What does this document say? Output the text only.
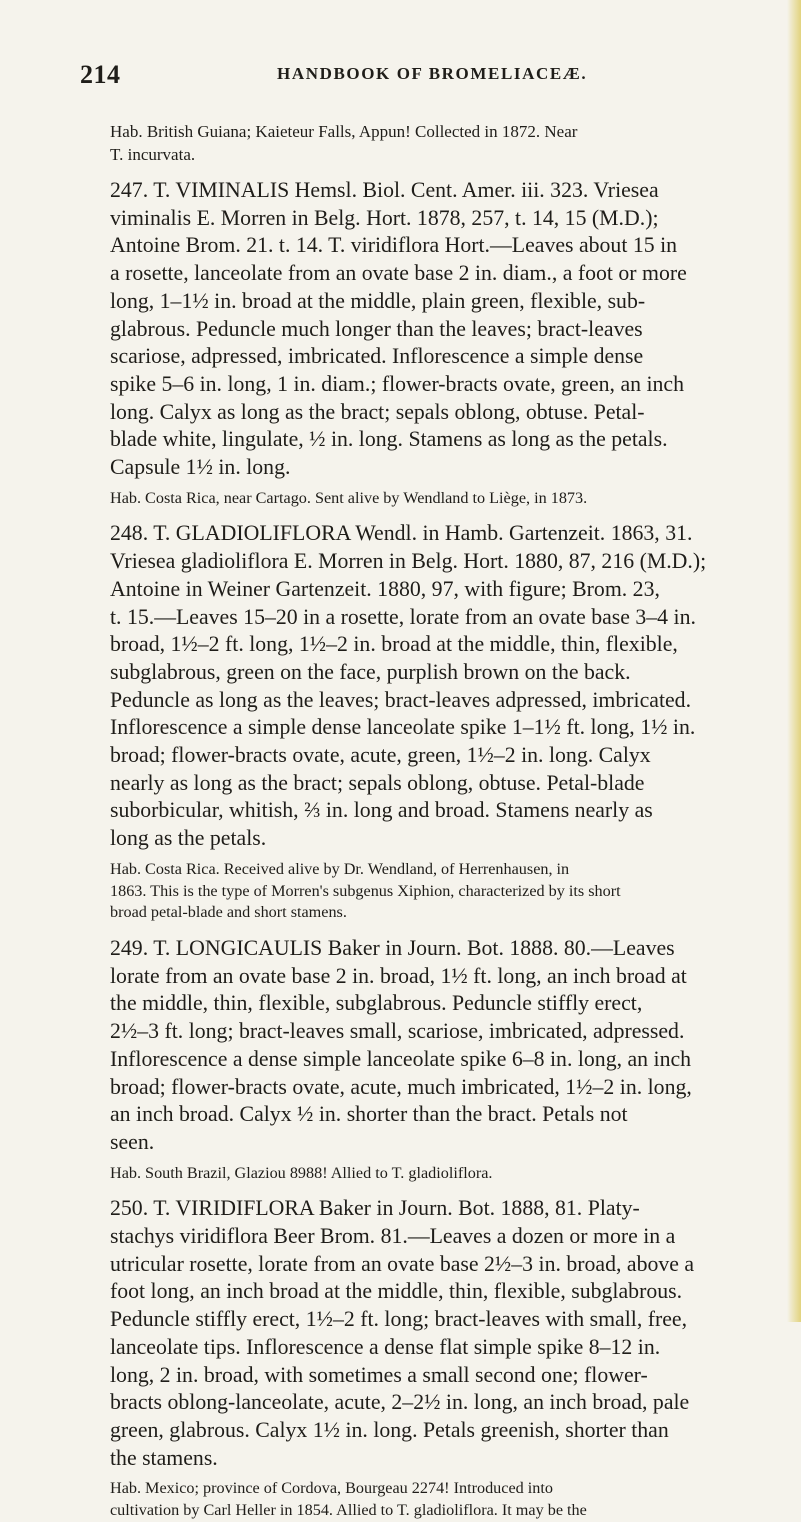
214	HANDBOOK OF BROMELIACEÆ.
Hab. British Guiana; Kaieteur Falls, Appun! Collected in 1872. Near
T. incurvata.
247. T. VIMINALIS Hemsl. Biol. Cent. Amer. iii. 323. Vriesea
viminalis E. Morren in Belg. Hort. 1878, 257, t. 14, 15 (M.D.);
Antoine Brom. 21. t. 14. T. viridiflora Hort.—Leaves about 15 in
a rosette, lanceolate from an ovate base 2 in. diam., a foot or more
long, 1–1½ in. broad at the middle, plain green, flexible, sub-
glabrous. Peduncle much longer than the leaves; bract-leaves
scariose, adpressed, imbricated. Inflorescence a simple dense
spike 5–6 in. long, 1 in. diam.; flower-bracts ovate, green, an inch
long. Calyx as long as the bract; sepals oblong, obtuse. Petal-
blade white, lingulate, ½ in. long. Stamens as long as the petals.
Capsule 1½ in. long.
Hab. Costa Rica, near Cartago. Sent alive by Wendland to Liège, in 1873.
248. T. GLADIOLIFLORA Wendl. in Hamb. Gartenzeit. 1863, 31.
Vriesea gladioliflora E. Morren in Belg. Hort. 1880, 87, 216 (M.D.);
Antoine in Weiner Gartenzeit. 1880, 97, with figure; Brom. 23,
t. 15.—Leaves 15–20 in a rosette, lorate from an ovate base 3–4 in.
broad, 1½–2 ft. long, 1½–2 in. broad at the middle, thin, flexible,
subglabrous, green on the face, purplish brown on the back.
Peduncle as long as the leaves; bract-leaves adpressed, imbricated.
Inflorescence a simple dense lanceolate spike 1–1½ ft. long, 1½ in.
broad; flower-bracts ovate, acute, green, 1½–2 in. long. Calyx
nearly as long as the bract; sepals oblong, obtuse. Petal-blade
suborbicular, whitish, ⅔ in. long and broad. Stamens nearly as
long as the petals.
Hab. Costa Rica. Received alive by Dr. Wendland, of Herrenhausen, in
1863. This is the type of Morren's subgenus Xiphion, characterized by its short
broad petal-blade and short stamens.
249. T. LONGICAULIS Baker in Journ. Bot. 1888. 80.—Leaves
lorate from an ovate base 2 in. broad, 1½ ft. long, an inch broad at
the middle, thin, flexible, subglabrous. Peduncle stiffly erect,
2½–3 ft. long; bract-leaves small, scariose, imbricated, adpressed.
Inflorescence a dense simple lanceolate spike 6–8 in. long, an inch
broad; flower-bracts ovate, acute, much imbricated, 1½–2 in. long,
an inch broad. Calyx ½ in. shorter than the bract. Petals not
seen.
Hab. South Brazil, Glaziou 8988! Allied to T. gladioliflora.
250. T. VIRIDIFLORA Baker in Journ. Bot. 1888, 81. Platy-
stachys viridiflora Beer Brom. 81.—Leaves a dozen or more in a
utricular rosette, lorate from an ovate base 2½–3 in. broad, above a
foot long, an inch broad at the middle, thin, flexible, subglabrous.
Peduncle stiffly erect, 1½–2 ft. long; bract-leaves with small, free,
lanceolate tips. Inflorescence a dense flat simple spike 8–12 in.
long, 2 in. broad, with sometimes a small second one; flower-
bracts oblong-lanceolate, acute, 2–2½ in. long, an inch broad, pale
green, glabrous. Calyx 1½ in. long. Petals greenish, shorter than
the stamens.
Hab. Mexico; province of Cordova, Bourgeau 2274! Introduced into
cultivation by Carl Heller in 1854. Allied to T. gladioliflora. It may be the
